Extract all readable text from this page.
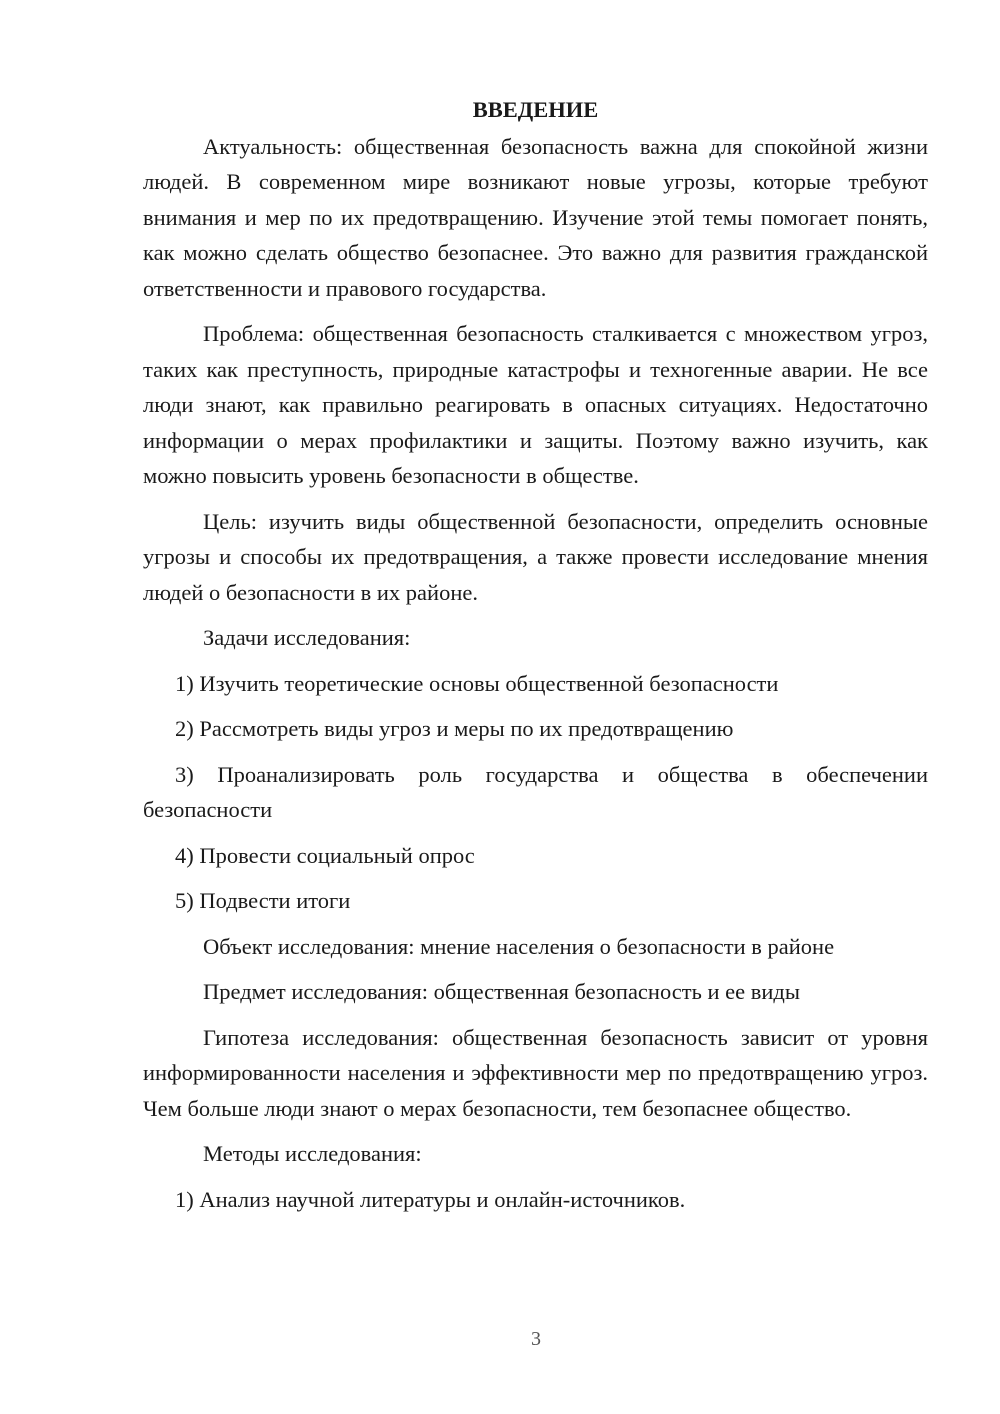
ВВЕДЕНИЕ
Актуальность: общественная безопасность важна для спокойной жизни людей. В современном мире возникают новые угрозы, которые требуют внимания и мер по их предотвращению. Изучение этой темы помогает понять, как можно сделать общество безопаснее. Это важно для развития гражданской ответственности и правового государства.
Проблема: общественная безопасность сталкивается с множеством угроз, таких как преступность, природные катастрофы и техногенные аварии. Не все люди знают, как правильно реагировать в опасных ситуациях. Недостаточно информации о мерах профилактики и защиты. Поэтому важно изучить, как можно повысить уровень безопасности в обществе.
Цель: изучить виды общественной безопасности, определить основные угрозы и способы их предотвращения, а также провести исследование мнения людей о безопасности в их районе.
Задачи исследования:
1) Изучить теоретические основы общественной безопасности
2) Рассмотреть виды угроз и меры по их предотвращению
3) Проанализировать роль государства и общества в обеспечении безопасности
4) Провести социальный опрос
5) Подвести итоги
Объект исследования: мнение населения о безопасности в районе
Предмет исследования: общественная безопасность и ее виды
Гипотеза исследования: общественная безопасность зависит от уровня информированности населения и эффективности мер по предотвращению угроз. Чем больше люди знают о мерах безопасности, тем безопаснее общество.
Методы исследования:
1) Анализ научной литературы и онлайн-источников.
3
